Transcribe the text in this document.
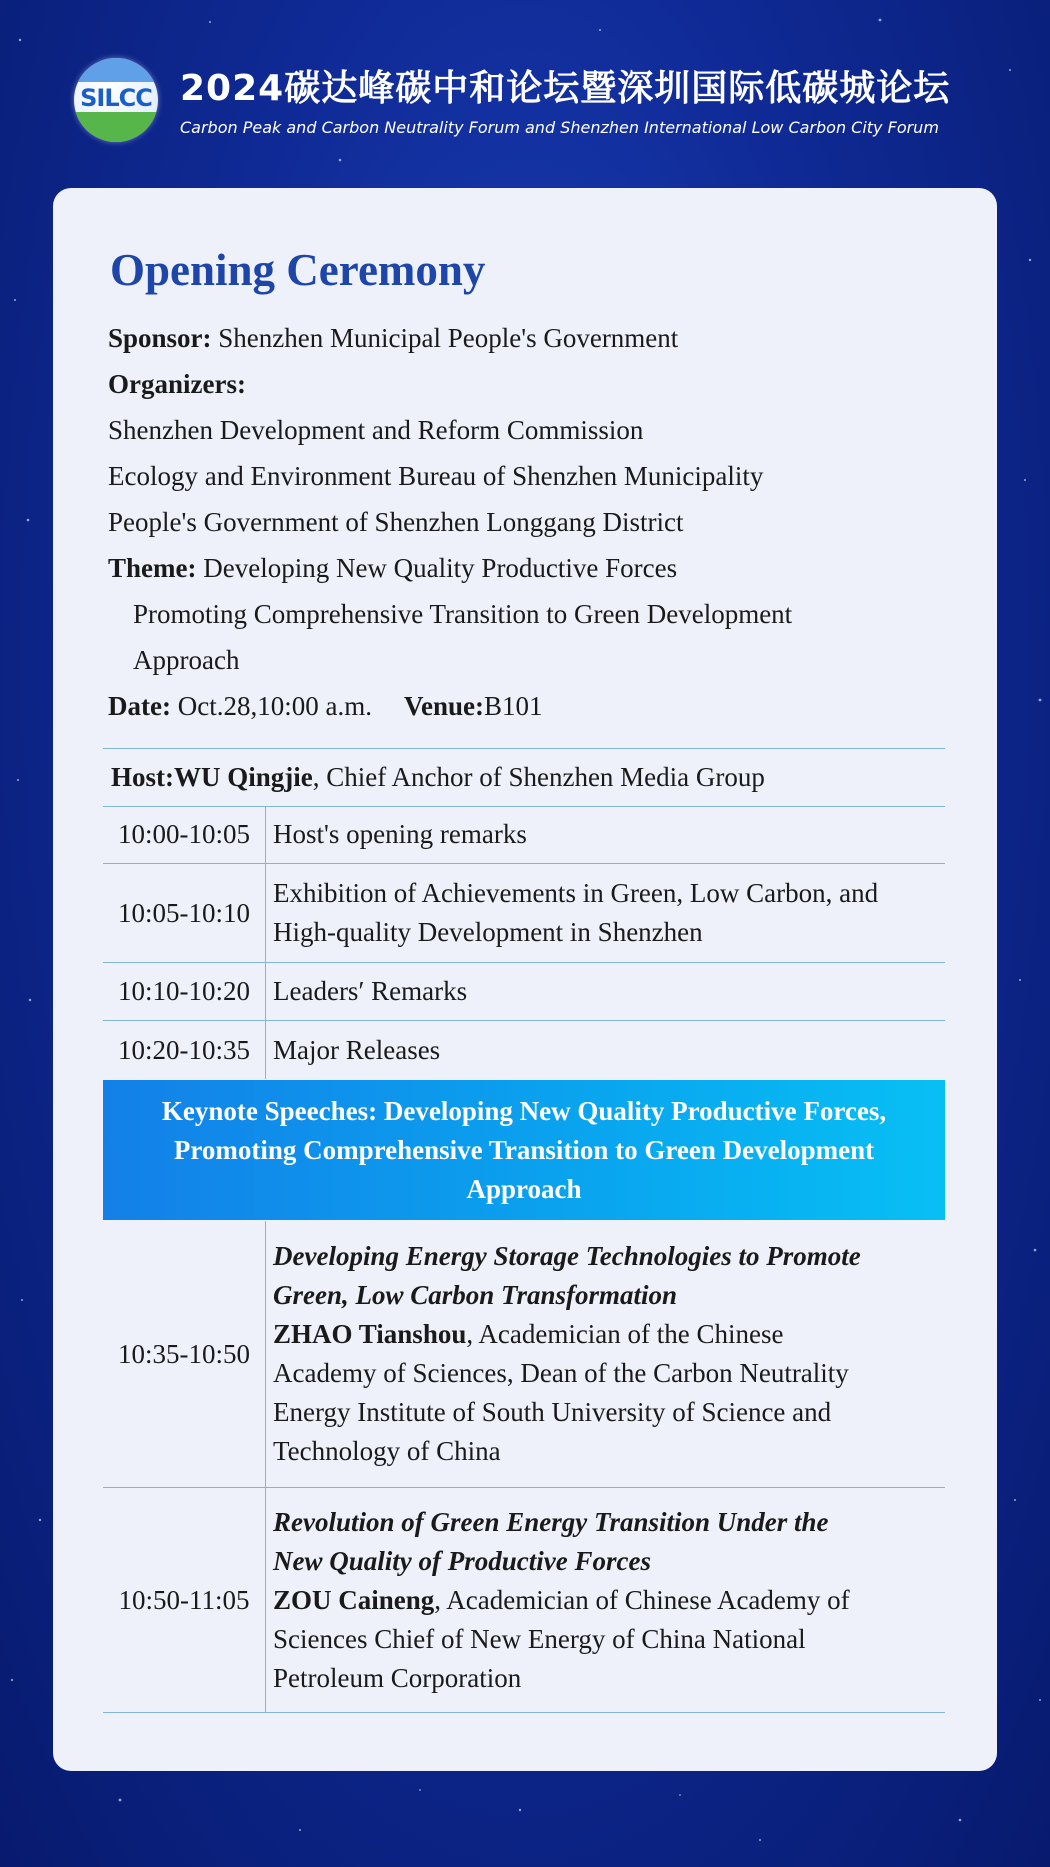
SILCC 2024碳达峰碳中和论坛暨深圳国际低碳城论坛
Carbon Peak and Carbon Neutrality Forum and Shenzhen International Low Carbon City Forum
Opening Ceremony
Sponsor: Shenzhen Municipal People's Government
Organizers:
Shenzhen Development and Reform Commission
Ecology and Environment Bureau of Shenzhen Municipality
People's Government of Shenzhen Longgang District
Theme: Developing New Quality Productive Forces
Promoting Comprehensive Transition to Green Development
Approach
Date: Oct.28,10:00 a.m. Venue:B101
Host: WU Qingjie , Chief Anchor of Shenzhen Media Group
10:00-10:05 Host's opening remarks
10:05-10:10
Exhibition of Achievements in Green, Low Carbon, and
High-quality Development in Shenzhen
10:10-10:20 Leaders′ Remarks
10:20-10:35 Major Releases
Keynote Speeches: Developing New Quality Productive Forces, Promoting Comprehensive Transition to Green Development Approach
10:35-10:50
Developing Energy Storage Technologies to Promote
Green, Low Carbon Transformation
ZHAO Tianshou, Academician of the Chinese
Academy of Sciences, Dean of the Carbon Neutrality
Energy Institute of South University of Science and
Technology of China
10:50-11:05
Revolution of Green Energy Transition Under the
New Quality of Productive Forces
ZOU Caineng, Academician of Chinese Academy of
Sciences Chief of New Energy of China National
Petroleum Corporation
